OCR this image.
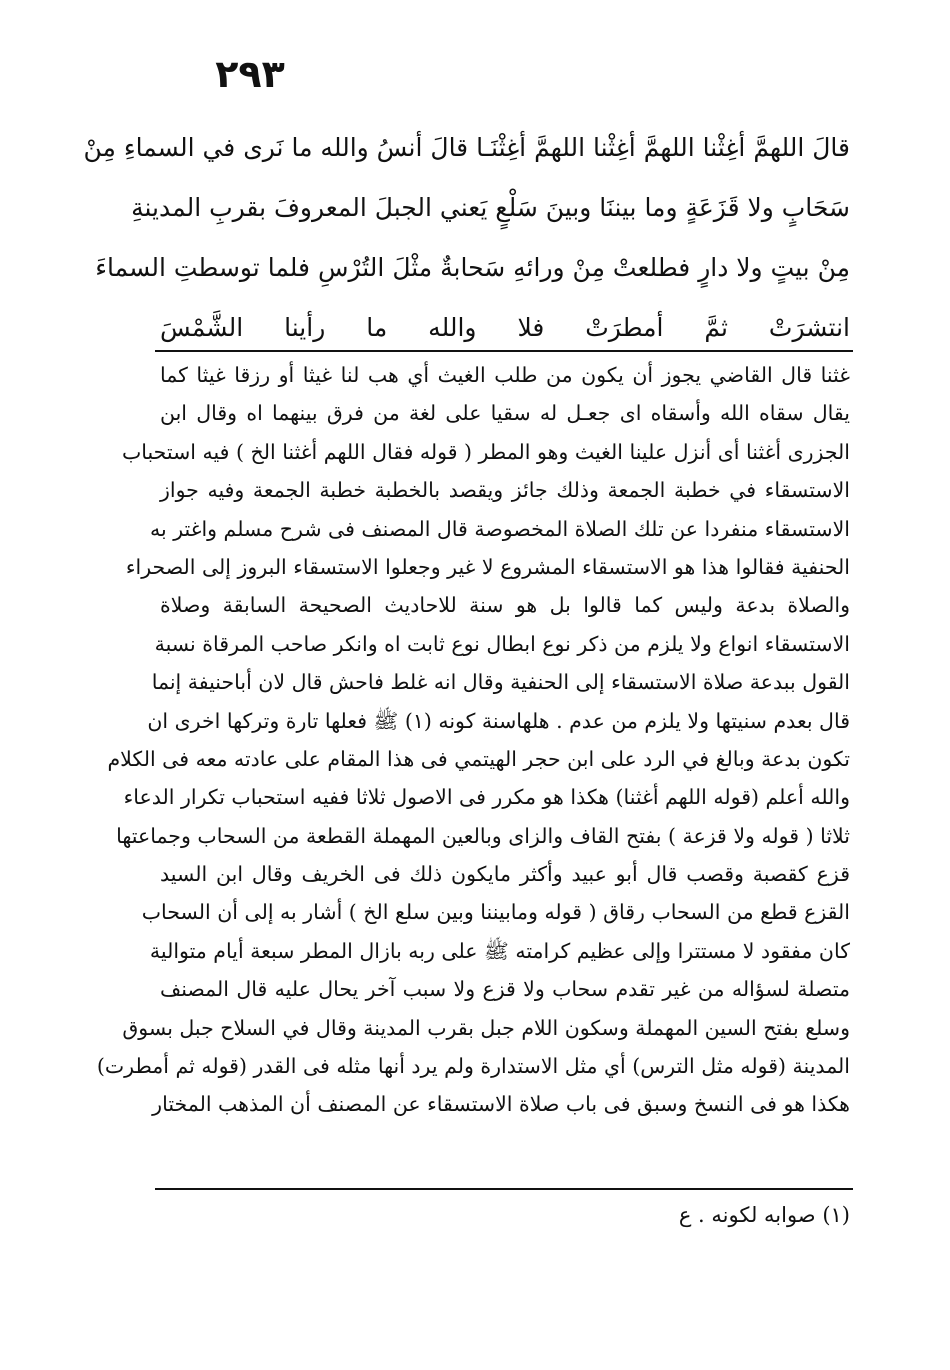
٢٩٣
قالَ اللهمَّ أغِثْنا اللهمَّ أغِثْنا اللهمَّ أغِثْنَـا قالَ أنسُ والله ما نَرى في السماءِ مِنْ
سَحَابٍ ولا قَزَعَةٍ وما بيننَا وبينَ سَلْعٍ يَعني الجبلَ المعروفَ بقربِ المدينةِ
مِنْ بيتٍ ولا دارٍ فطلعتْ مِنْ ورائهِ سَحابةٌ مثْلَ التُرْسِ فلما توسطتِ السماءَ
انتشرَتْ ثمَّ أمطرَتْ فلا والله ما رأينا الشَّمْسَ
غثنا قال القاضي يجوز أن يكون من طلب الغيث أي هب لنا غيثا أو رزقا غيثا كما
يقال سقاه الله وأسقاه اى جعـل له سقيا على لغة من فرق بينهما اه وقال ابن
الجزرى أغثنا أى أنزل علينا الغيث وهو المطر ( قوله فقال اللهم أغثنا الخ ) فيه استحباب
الاستسقاء في خطبة الجمعة وذلك جائز ويقصد بالخطبة خطبة الجمعة وفيه جواز
الاستسقاء منفردا عن تلك الصلاة المخصوصة قال المصنف فى شرح مسلم واغتر به
الحنفية فقالوا هذا هو الاستسقاء المشروع لا غير وجعلوا الاستسقاء البروز إلى الصحراء
والصلاة بدعة وليس كما قالوا بل هو سنة للاحاديث الصحيحة السابقة وصلاة
الاستسقاء انواع ولا يلزم من ذكر نوع ابطال نوع ثابت اه وانكر صاحب المرقاة نسبة
القول ببدعة صلاة الاستسقاء إلى الحنفية وقال انه غلط فاحش قال لان أباحنيفة إنما
قال بعدم سنيتها ولا يلزم من عدم . هلهاسنة كونه (١) ﷺ فعلها تارة وتركها اخرى ان
تكون بدعة وبالغ في الرد على ابن حجر الهيتمي فى هذا المقام على عادته معه فى الكلام
والله أعلم (قوله اللهم أغثنا) هكذا هو مكرر فى الاصول ثلاثا ففيه استحباب تكرار الدعاء
ثلاثا ( قوله ولا قزعة ) بفتح القاف والزاى وبالعين المهملة القطعة من السحاب وجماعتها
قزع كقصبة وقصب قال أبو عبيد وأكثر مايكون ذلك فى الخريف وقال ابن السيد
القزع قطع من السحاب رقاق ( قوله ومابيننا وبين سلع الخ ) أشار به إلى أن السحاب
كان مفقود لا مستترا وإلى عظيم كرامته ﷺ على ربه بازال المطر سبعة أيام متوالية
متصلة لسؤاله من غير تقدم سحاب ولا قزع ولا سبب آخر يحال عليه قال المصنف
وسلع بفتح السين المهملة وسكون اللام جبل بقرب المدينة وقال في السلاح جبل بسوق
المدينة (قوله مثل الترس) أي مثل الاستدارة ولم يرد أنها مثله فى القدر (قوله ثم أمطرت)
هكذا هو فى النسخ وسبق فى باب صلاة الاستسقاء عن المصنف أن المذهب المختار
(١) صوابه لكونه . ع
